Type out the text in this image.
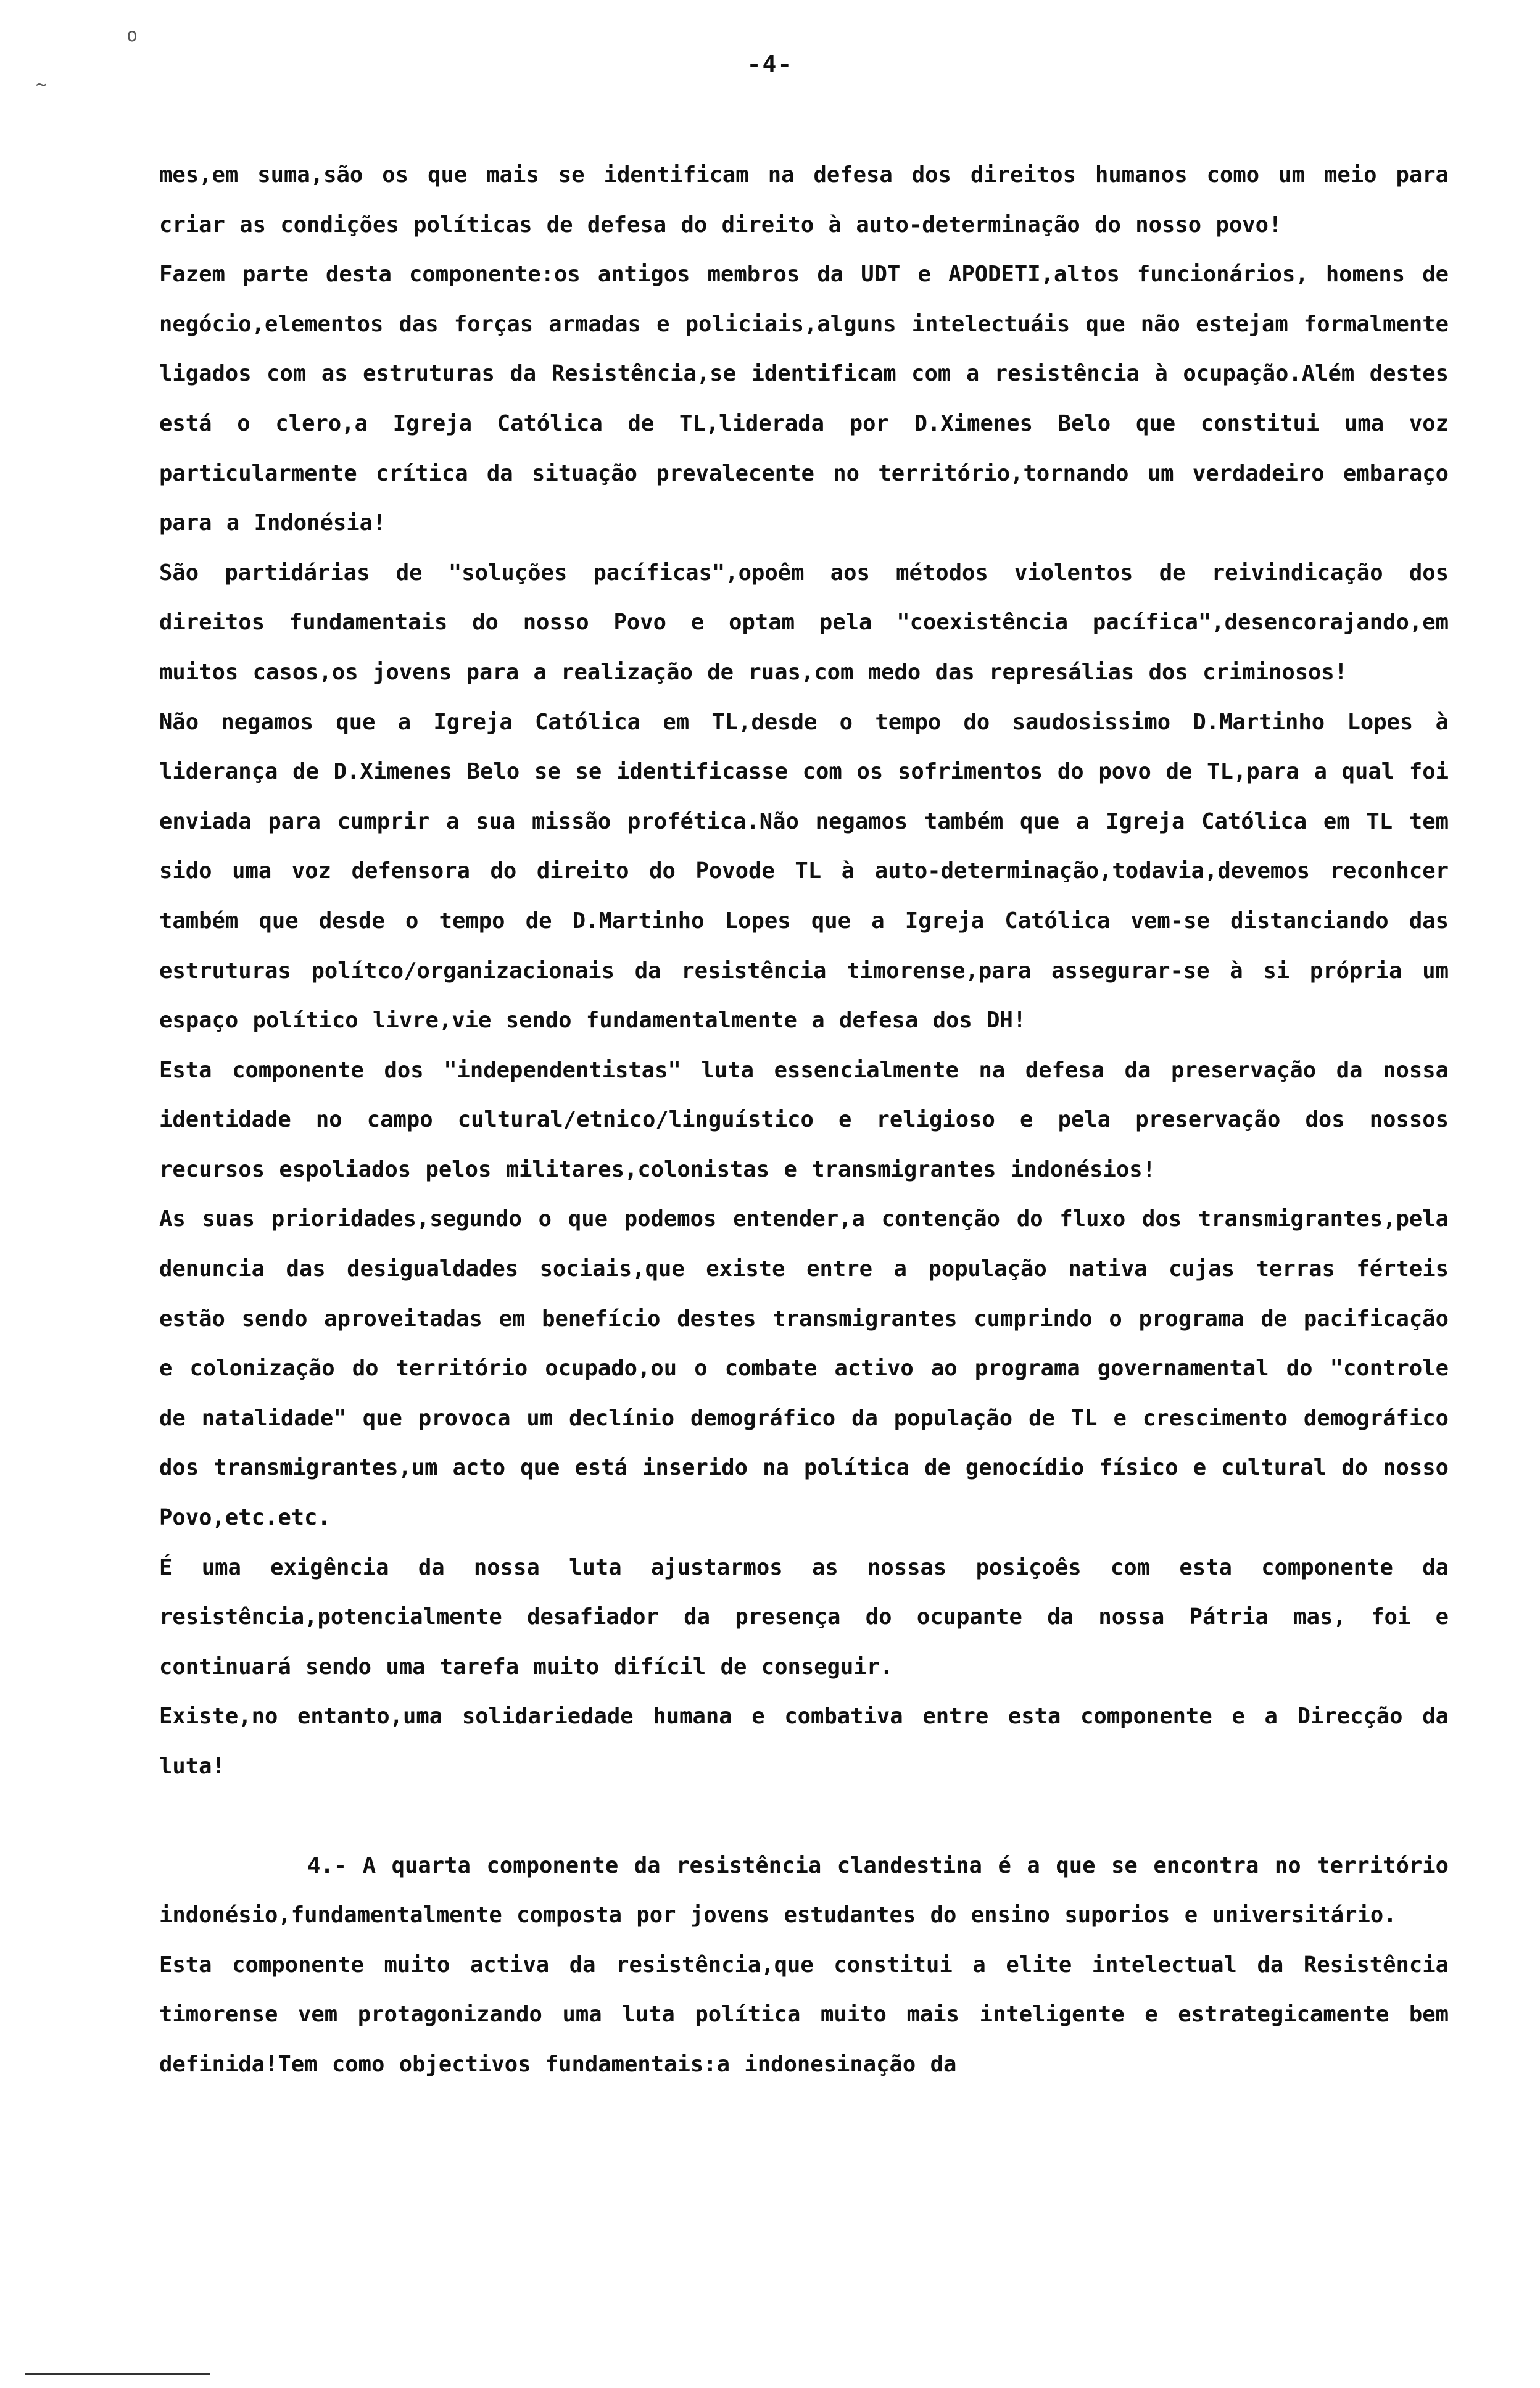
o
~
-4-

mes,em suma,são os que mais se identificam na defesa dos direitos humanos como um meio para criar as condições políticas de defesa do direito à auto-determinação do nosso povo!

Fazem parte desta componente:os antigos membros da UDT e APODETI,altos funcionários, homens de negócio,elementos das forças armadas e policiais,alguns intelectuáis que não estejam formalmente ligados com as estruturas da Resistência,se identificam com a resistência à ocupação.Além destes está o clero,a Igreja Católica de TL,liderada por D.Ximenes Belo que constitui uma voz particularmente crítica da situação prevalecente no território,tornando um verdadeiro embaraço para a Indonésia!

São partidárias de "soluções pacíficas",opoêm aos métodos violentos de reivindicação dos direitos fundamentais do nosso Povo e optam pela "coexistência pacífica",desencorajando,em muitos casos,os jovens para a realização de ruas,com medo das represálias dos criminosos!

Não negamos que a Igreja Católica em TL,desde o tempo do saudosissimo D.Martinho Lopes à liderança de D.Ximenes Belo se se identificasse com os sofrimentos do povo de TL,para a qual foi enviada para cumprir a sua missão profética.Não negamos também que a Igreja Católica em TL tem sido uma voz defensora do direito do Povode TL à auto-determinação,todavia,devemos reconhcer também que desde o tempo de D.Martinho Lopes que a Igreja Católica vem-se distanciando das estruturas polítco/organizacionais da resistência timorense,para assegurar-se à si própria um espaço político livre,vie sendo fundamentalmente a defesa dos DH!

Esta componente dos "independentistas" luta essencialmente na defesa da preservação da nossa identidade no campo cultural/etnico/linguístico e religioso e pela preservação dos nossos recursos espoliados pelos militares,colonistas e transmigrantes indonésios!

As suas prioridades,segundo o que podemos entender,a contenção do fluxo dos transmigrantes,pela denuncia das desigualdades sociais,que existe entre a população nativa cujas terras férteis estão sendo aproveitadas em benefício destes transmigrantes cumprindo o programa de pacificação e colonização do território ocupado,ou o combate activo ao programa governamental do "controle de natalidade" que provoca um declínio demográfico da população de TL e crescimento demográfico dos transmigrantes,um acto que está inserido na política de genocídio físico e cultural do nosso Povo,etc.etc.

É uma exigência da nossa luta ajustarmos as nossas posiçoês com esta componente da resistência,potencialmente desafiador da presença do ocupante da nossa Pátria mas, foi e continuará sendo uma tarefa muito difícil de conseguir.

Existe,no entanto,uma solidariedade humana e combativa entre esta componente e a Direcção da luta!

4.- A quarta componente da resistência clandestina é a que se encontra no território indonésio,fundamentalmente composta por jovens estudantes do ensino suporios e universitário.

Esta componente muito activa da resistência,que constitui a elite intelectual da Resistência timorense vem protagonizando uma luta política muito mais inteligente e estrategicamente bem definida!Tem como objectivos fundamentais:a indonesinação da
